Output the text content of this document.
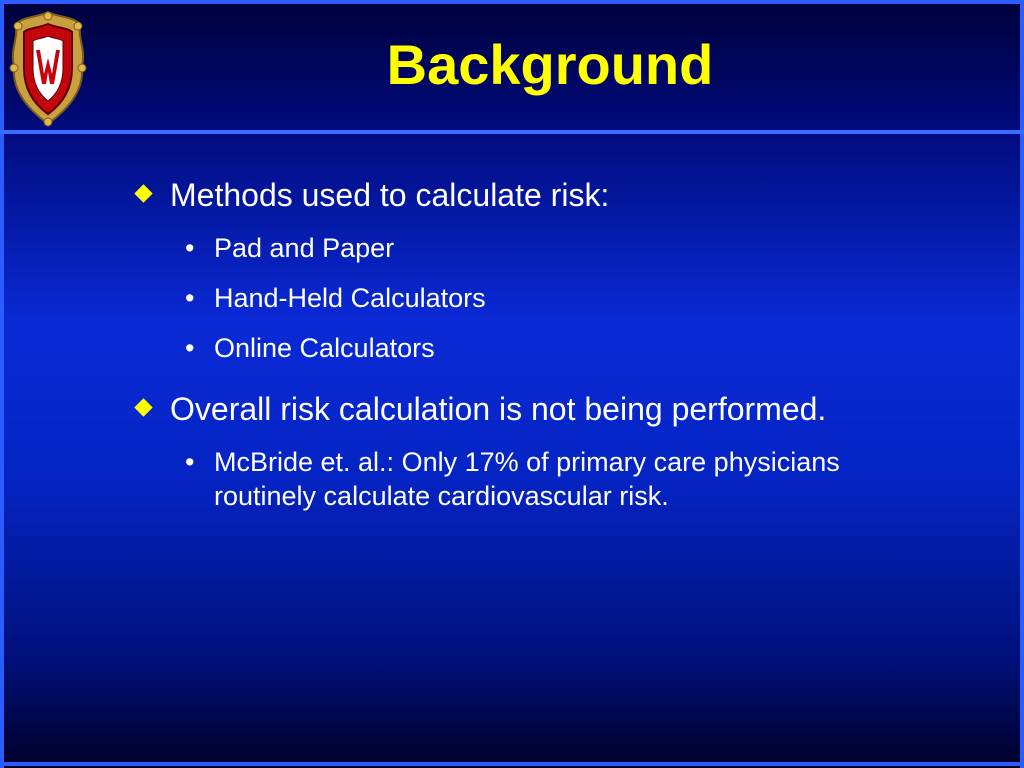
Background
Methods used to calculate risk:
• Pad and Paper
• Hand-Held Calculators
• Online Calculators
Overall risk calculation is not being performed.
• McBride et. al.: Only 17% of primary care physicians routinely calculate cardiovascular risk.
